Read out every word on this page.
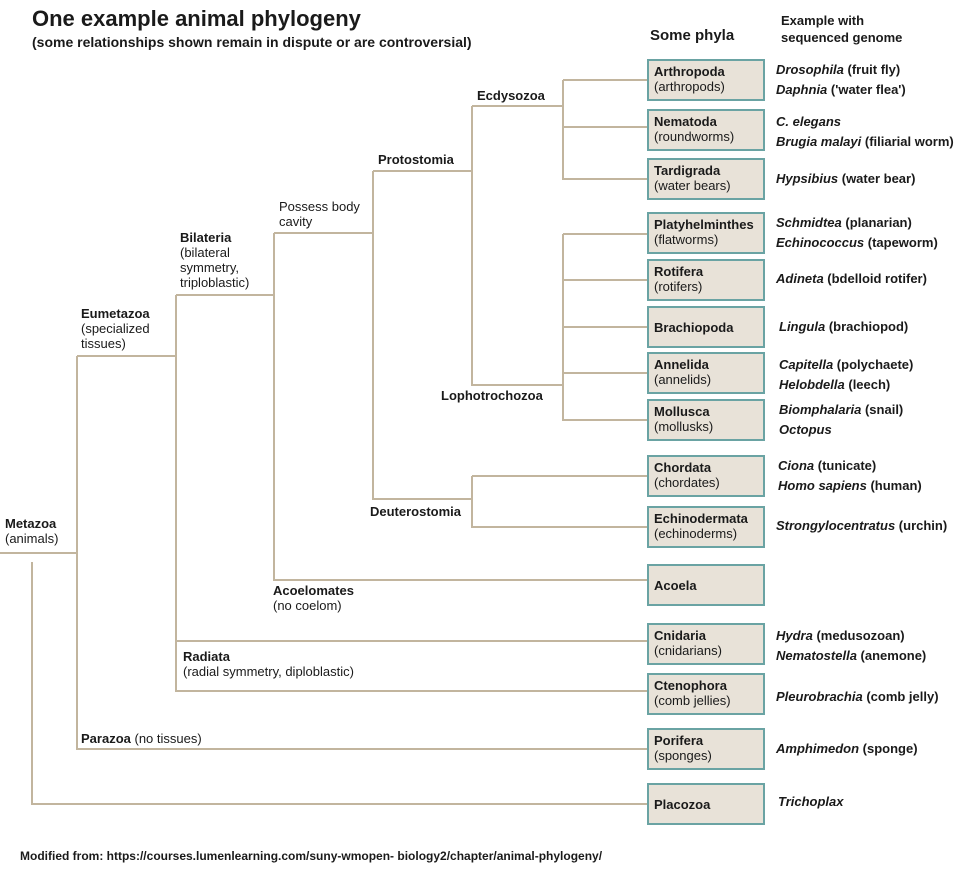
One example animal phylogeny
(some relationships shown remain in dispute or are controversial)	Some phyla
Example with
sequenced genome
Metazoa
(animals)
Eumetazoa
(specialized
tissues)
Bilateria
(bilateral
symmetry,
triploblastic)
Possess body
cavity
Protostomia
Ecdysozoa
Lophotrochozoa
Deuterostomia
Acoelomates
(no coelom)
Radiata
(radial symmetry, diploblastic)
Parazoa (no tissues)
Arthropoda
(arthropods)
Nematoda
(roundworms)
Tardigrada
(water bears)
Platyhelminthes
(flatworms)
Rotifera
(rotifers)
Brachiopoda
Annelida
(annelids)
Mollusca
(mollusks)
Chordata
(chordates)
Echinodermata
(echinoderms)
Acoela
Cnidaria
(cnidarians)
Ctenophora
(comb jellies)
Porifera
(sponges)
Placozoa
Drosophila (fruit fly)
Daphnia ('water flea')
C. elegans
Brugia malayi (filiarial worm)
Hypsibius (water bear)
Schmidtea (planarian)
Echinococcus (tapeworm)
Adineta (bdelloid rotifer)
Lingula (brachiopod)
Capitella (polychaete)
Helobdella (leech)
Biomphalaria (snail)
Octopus
Ciona (tunicate)
Homo sapiens (human)
Strongylocentratus (urchin)
Hydra (medusozoan)
Nematostella (anemone)
Pleurobrachia (comb jelly)
Amphimedon (sponge)
Trichoplax
Modified from: https://courses.lumenlearning.com/suny-wmopen- biology2/chapter/animal-phylogeny/
